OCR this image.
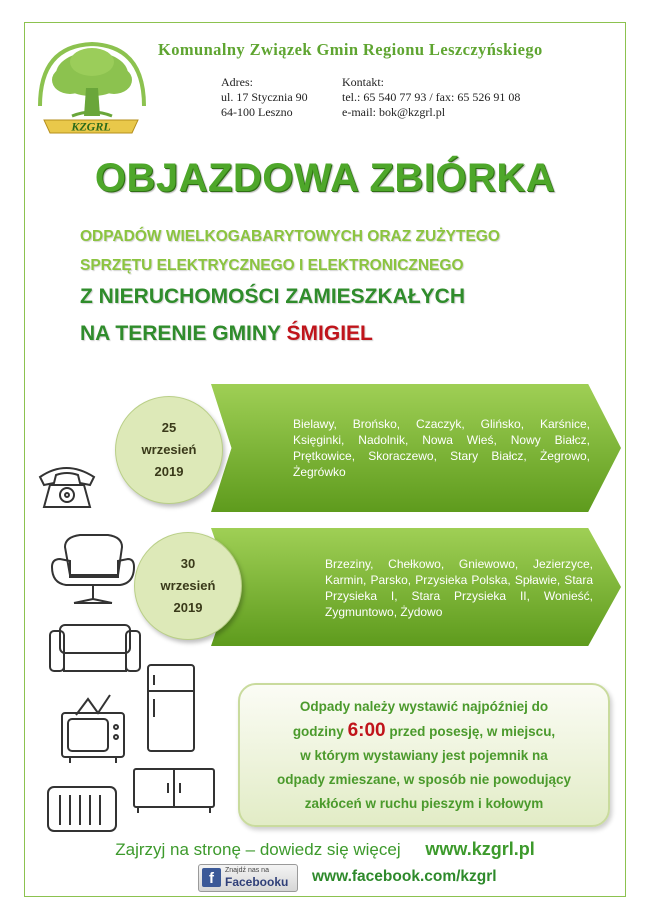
KZGRL
Komunalny Związek Gmin Regionu Leszczyńskiego
Adres:
ul. 17 Stycznia 90
64-100 Leszno
Kontakt:
tel.: 65 540 77 93 / fax: 65 526 91 08
e-mail: bok@kzgrl.pl
OBJAZDOWA ZBIÓRKA
ODPADÓW WIELKOGABARYTOWYCH ORAZ ZUŻYTEGO
SPRZĘTU ELEKTRYCZNEGO I ELEKTRONICZNEGO
Z NIERUCHOMOŚCI ZAMIESZKAŁYCH
NA TERENIE GMINY ŚMIGIEL
25
wrzesień
2019
Bielawy, Brońsko, Czaczyk, Glińsko, Karśnice, Księginki, Nadolnik, Nowa Wieś, Nowy Białcz, Prętkowice, Skoraczewo, Stary Białcz, Żegrowo, Żegrówko
30
wrzesień
2019
Brzeziny, Chełkowo, Gniewowo, Jezierzyce, Karmin, Parsko, Przysieka Polska, Spławie, Stara Przysieka I, Stara Przysieka II, Wonieść, Zygmuntowo, Żydowo
Odpady należy wystawić najpóźniej do
godziny 6:00 przed posesję, w miejscu,
w którym wystawiany jest pojemnik na
odpady zmieszane, w sposób nie powodujący
zakłóceń w ruchu pieszym i kołowym
Zajrzyj na stronę – dowiedz się więcej www.kzgrl.pl
f	Znajdź nas na
Facebooku www.facebook.com/kzgrl
